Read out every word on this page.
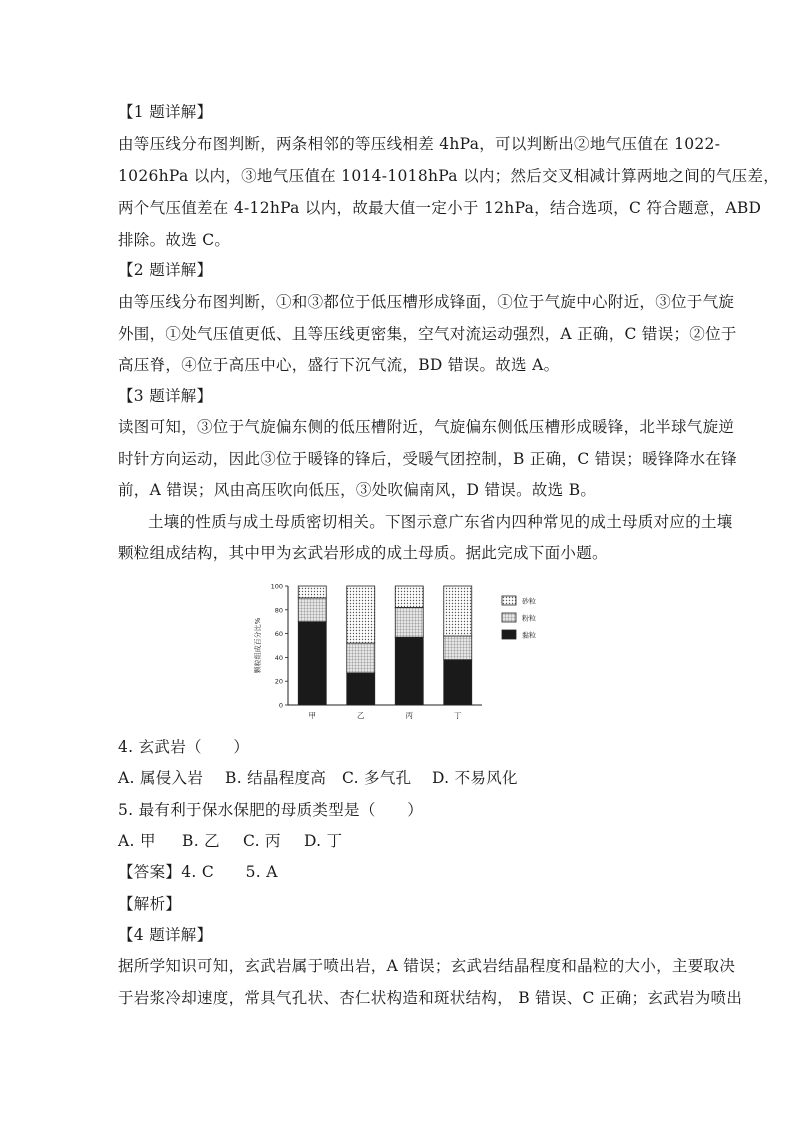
【1 题详解】
由等压线分布图判断，两条相邻的等压线相差 4hPa，可以判断出②地气压值在 1022-
1026hPa 以内，③地气压值在 1014-1018hPa 以内；然后交叉相减计算两地之间的气压差，
两个气压值差在 4-12hPa 以内，故最大值一定小于 12hPa，结合选项，C 符合题意，ABD
排除。故选 C。
【2 题详解】
由等压线分布图判断，①和③都位于低压槽形成锋面，①位于气旋中心附近，③位于气旋
外围，①处气压值更低、且等压线更密集，空气对流运动强烈，A 正确，C 错误；②位于
高压脊，④位于高压中心，盛行下沉气流，BD 错误。故选 A。
【3 题详解】
读图可知，③位于气旋偏东侧的低压槽附近，气旋偏东侧低压槽形成暖锋，北半球气旋逆
时针方向运动，因此③位于暖锋的锋后，受暖气团控制，B 正确，C 错误；暖锋降水在锋
前，A 错误；风由高压吹向低压，③处吹偏南风，D 错误。故选 B。
土壤的性质与成土母质密切相关。下图示意广东省内四种常见的成土母质对应的土壤
颗粒组成结构，其中甲为玄武岩形成的成土母质。据此完成下面小题。
0
20
40
60
80
100
颗粒组成百分比%
甲	乙	丙	丁
砂粒
粉粒
黏粒
4. 玄武岩（　　）
A. 属侵入岩 B. 结晶程度高 C. 多气孔 D. 不易风化
5. 最有利于保水保肥的母质类型是（　　）
A. 甲 B. 乙 C. 丙 D. 丁
【答案】4. C　　5. A
【解析】
【4 题详解】
据所学知识可知，玄武岩属于喷出岩，A 错误；玄武岩结晶程度和晶粒的大小，主要取决
于岩浆冷却速度，常具气孔状、杏仁状构造和斑状结构， B 错误、C 正确；玄武岩为喷出
